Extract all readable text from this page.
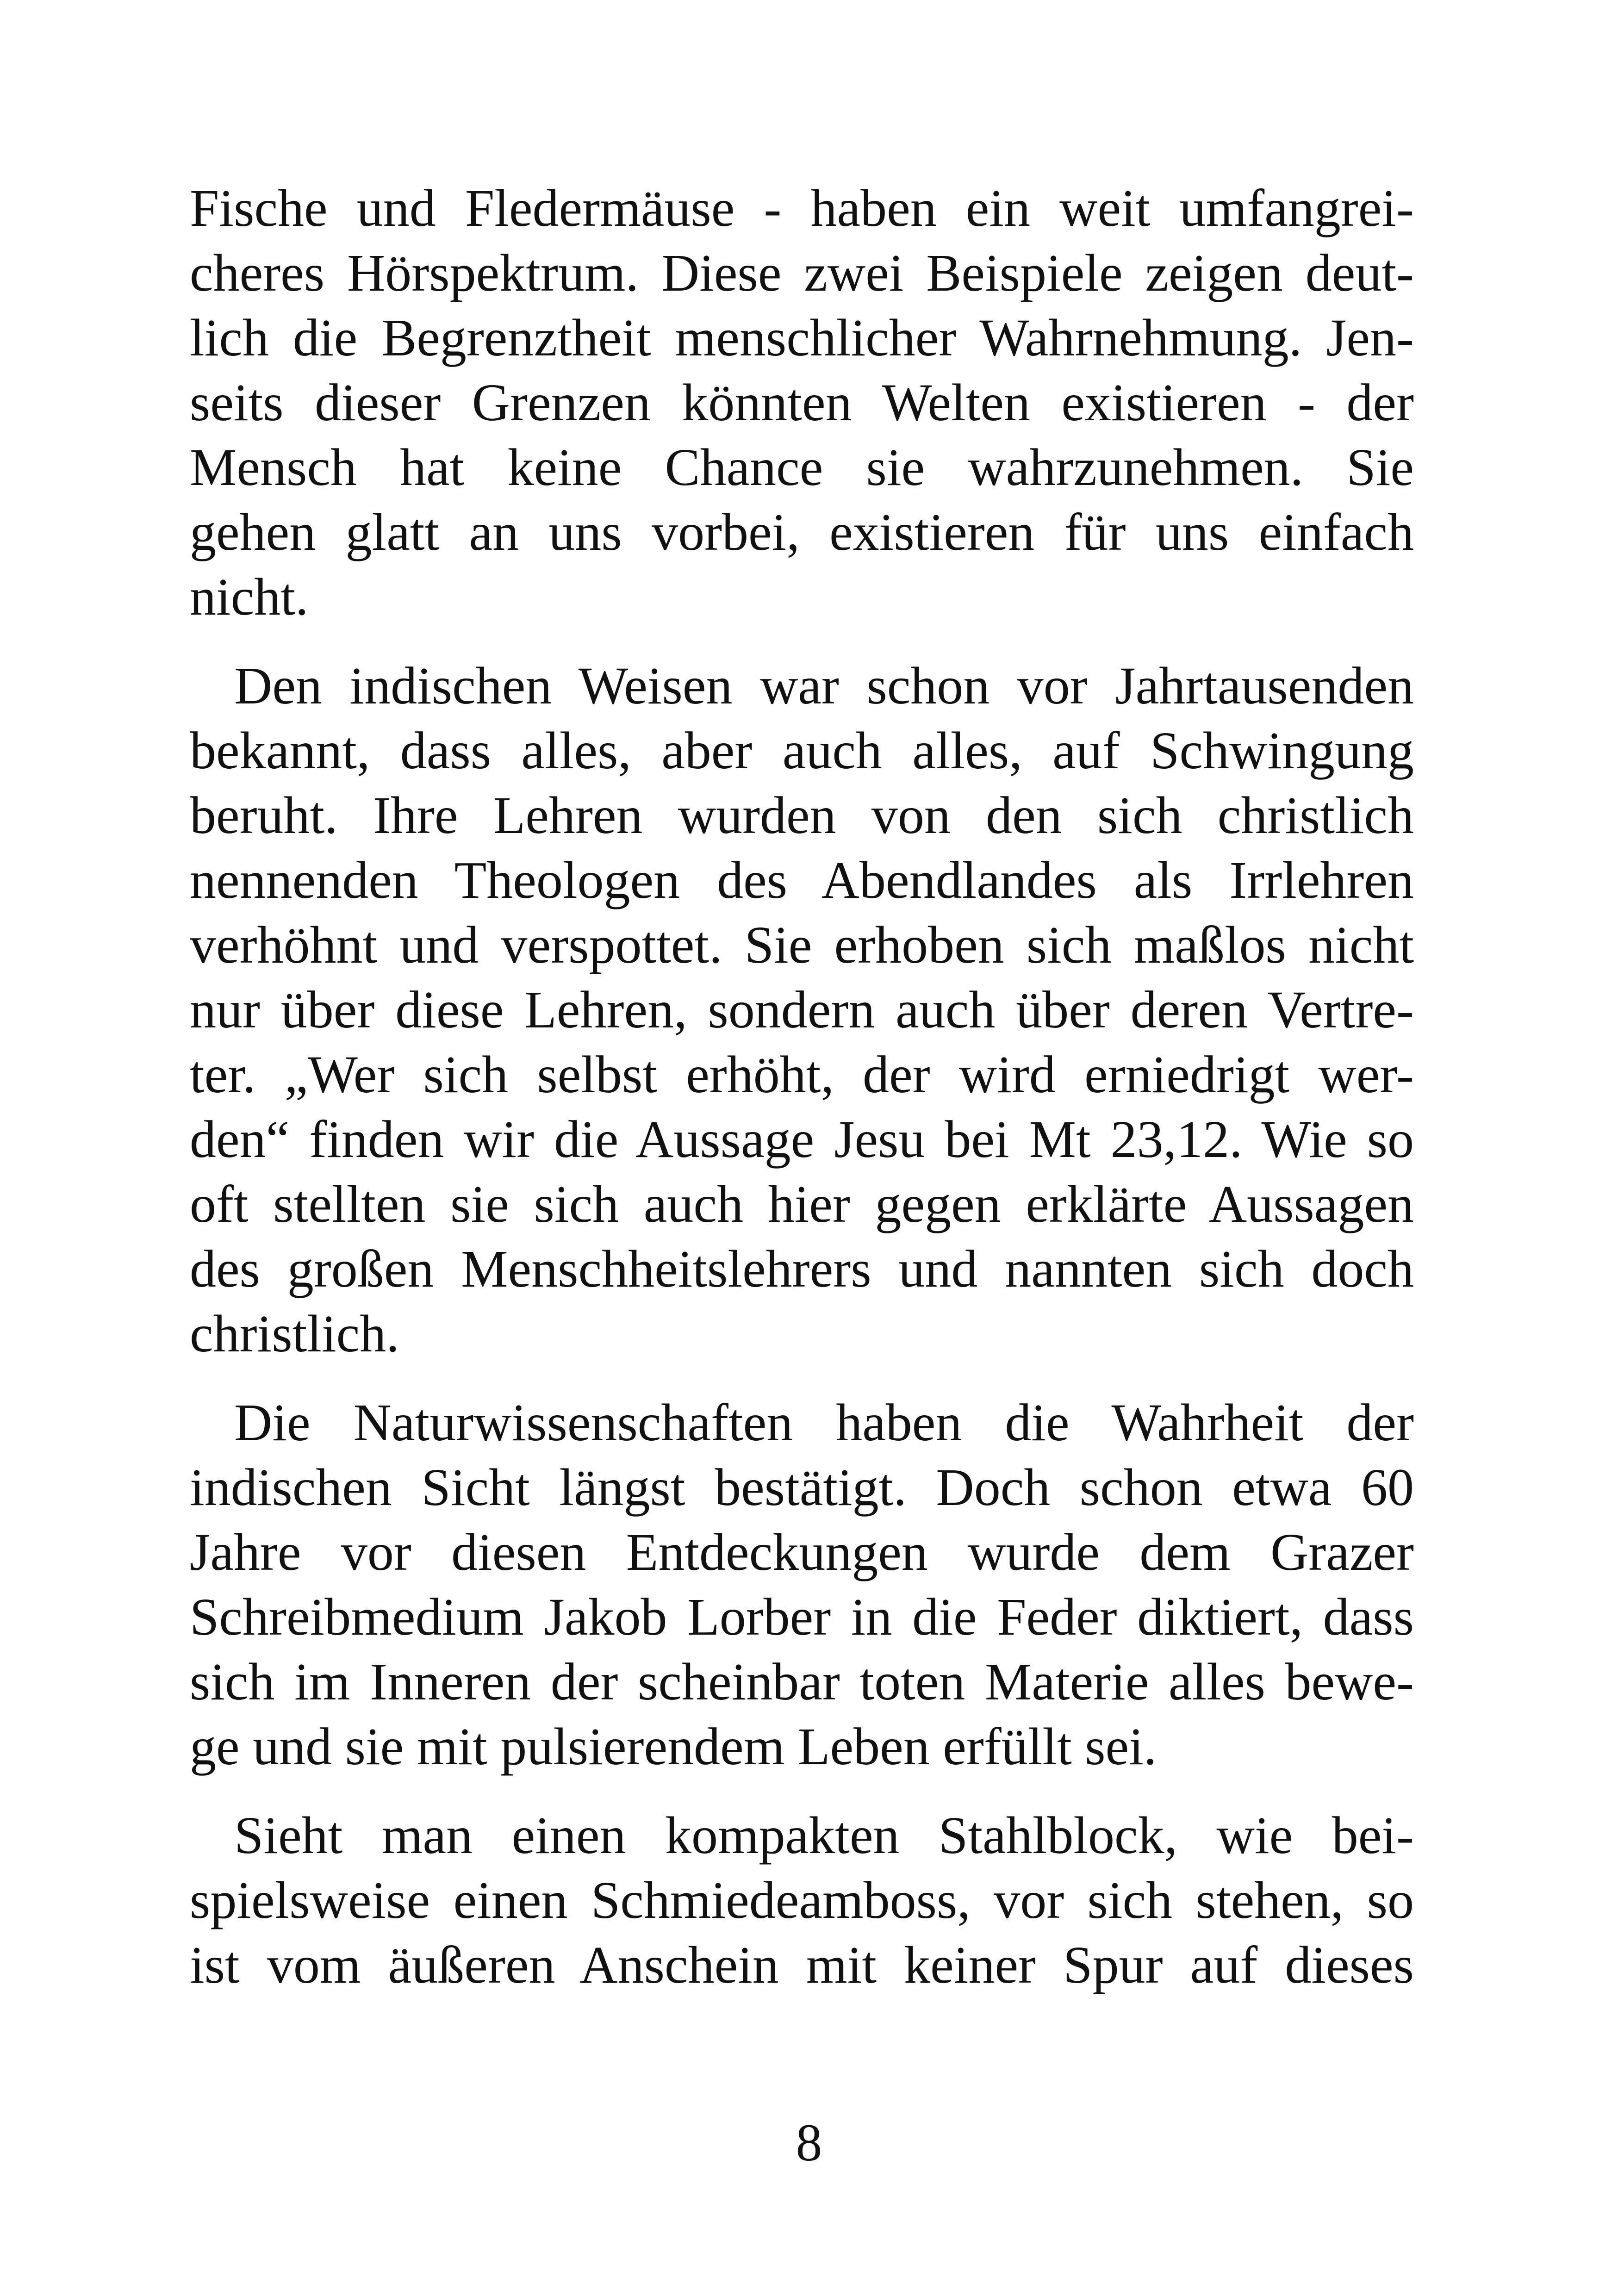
Fische und Fledermäuse - haben ein weit umfangrei-
cheres Hörspektrum. Diese zwei Beispiele zeigen deut-
lich die Begrenztheit menschlicher Wahrnehmung. Jen-
seits dieser Grenzen könnten Welten existieren - der
Mensch hat keine Chance sie wahrzunehmen. Sie
gehen glatt an uns vorbei, existieren für uns einfach
nicht.

Den indischen Weisen war schon vor Jahrtausenden
bekannt, dass alles, aber auch alles, auf Schwingung
beruht. Ihre Lehren wurden von den sich christlich
nennenden Theologen des Abendlandes als Irrlehren
verhöhnt und verspottet. Sie erhoben sich maßlos nicht
nur über diese Lehren, sondern auch über deren Vertre-
ter. „Wer sich selbst erhöht, der wird erniedrigt wer-
den“ finden wir die Aussage Jesu bei Mt 23,12. Wie so
oft stellten sie sich auch hier gegen erklärte Aussagen
des großen Menschheitslehrers und nannten sich doch
christlich.

Die Naturwissenschaften haben die Wahrheit der
indischen Sicht längst bestätigt. Doch schon etwa 60
Jahre vor diesen Entdeckungen wurde dem Grazer
Schreibmedium Jakob Lorber in die Feder diktiert, dass
sich im Inneren der scheinbar toten Materie alles bewe-
ge und sie mit pulsierendem Leben erfüllt sei.

Sieht man einen kompakten Stahlblock, wie bei-
spielsweise einen Schmiedeamboss, vor sich stehen, so
ist vom äußeren Anschein mit keiner Spur auf dieses

8
